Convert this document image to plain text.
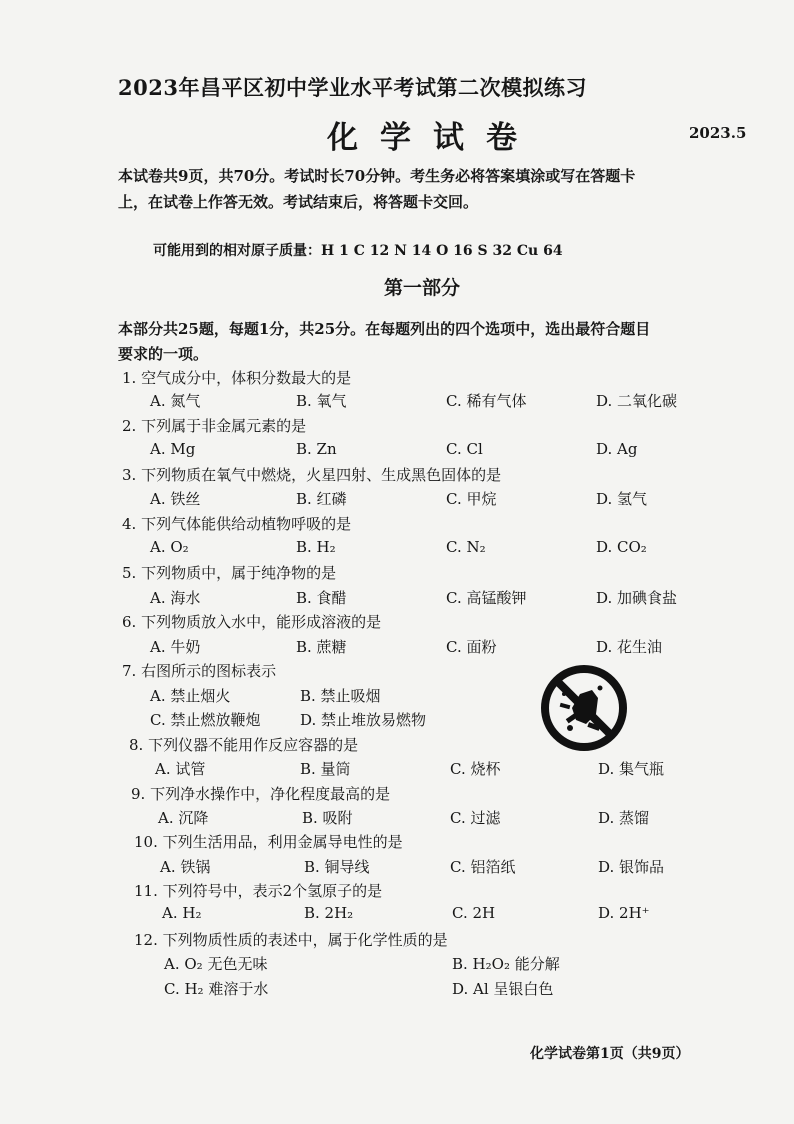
2023年昌平区初中学业水平考试第二次模拟练习
化学试卷	2023.5
本试卷共9页，共70分。考试时长70分钟。考生务必将答案填涂或写在答题卡
上，在试卷上作答无效。考试结束后，将答题卡交回。
可能用到的相对原子质量：H 1 C 12 N 14 O 16 S 32 Cu 64
第一部分
本部分共25题，每题1分，共25分。在每题列出的四个选项中，选出最符合题目
要求的一项。
1. 空气成分中，体积分数最大的是
A. 氮气	B. 氧气	C. 稀有气体	D. 二氧化碳
2. 下列属于非金属元素的是
A. Mg	B. Zn	C. Cl	D. Ag
3. 下列物质在氧气中燃烧，火星四射、生成黑色固体的是
A. 铁丝	B. 红磷	C. 甲烷	D. 氢气
4. 下列气体能供给动植物呼吸的是
A. O₂	B. H₂	C. N₂	D. CO₂
5. 下列物质中，属于纯净物的是
A. 海水	B. 食醋	C. 高锰酸钾	D. 加碘食盐
6. 下列物质放入水中，能形成溶液的是
A. 牛奶	B. 蔗糖	C. 面粉	D. 花生油
7. 右图所示的图标表示
A. 禁止烟火	B. 禁止吸烟
C. 禁止燃放鞭炮	D. 禁止堆放易燃物
8. 下列仪器不能用作反应容器的是
A. 试管	B. 量筒	C. 烧杯	D. 集气瓶
9. 下列净水操作中，净化程度最高的是
A. 沉降	B. 吸附	C. 过滤	D. 蒸馏
10. 下列生活用品，利用金属导电性的是
A. 铁锅	B. 铜导线	C. 铝箔纸	D. 银饰品
11. 下列符号中，表示2个氢原子的是
A. H₂	B. 2H₂	C. 2H	D. 2H⁺
12. 下列物质性质的表述中，属于化学性质的是
A. O₂ 无色无味	B. H₂O₂ 能分解
C. H₂ 难溶于水	D. Al 呈银白色
化学试卷第1页（共9页）
